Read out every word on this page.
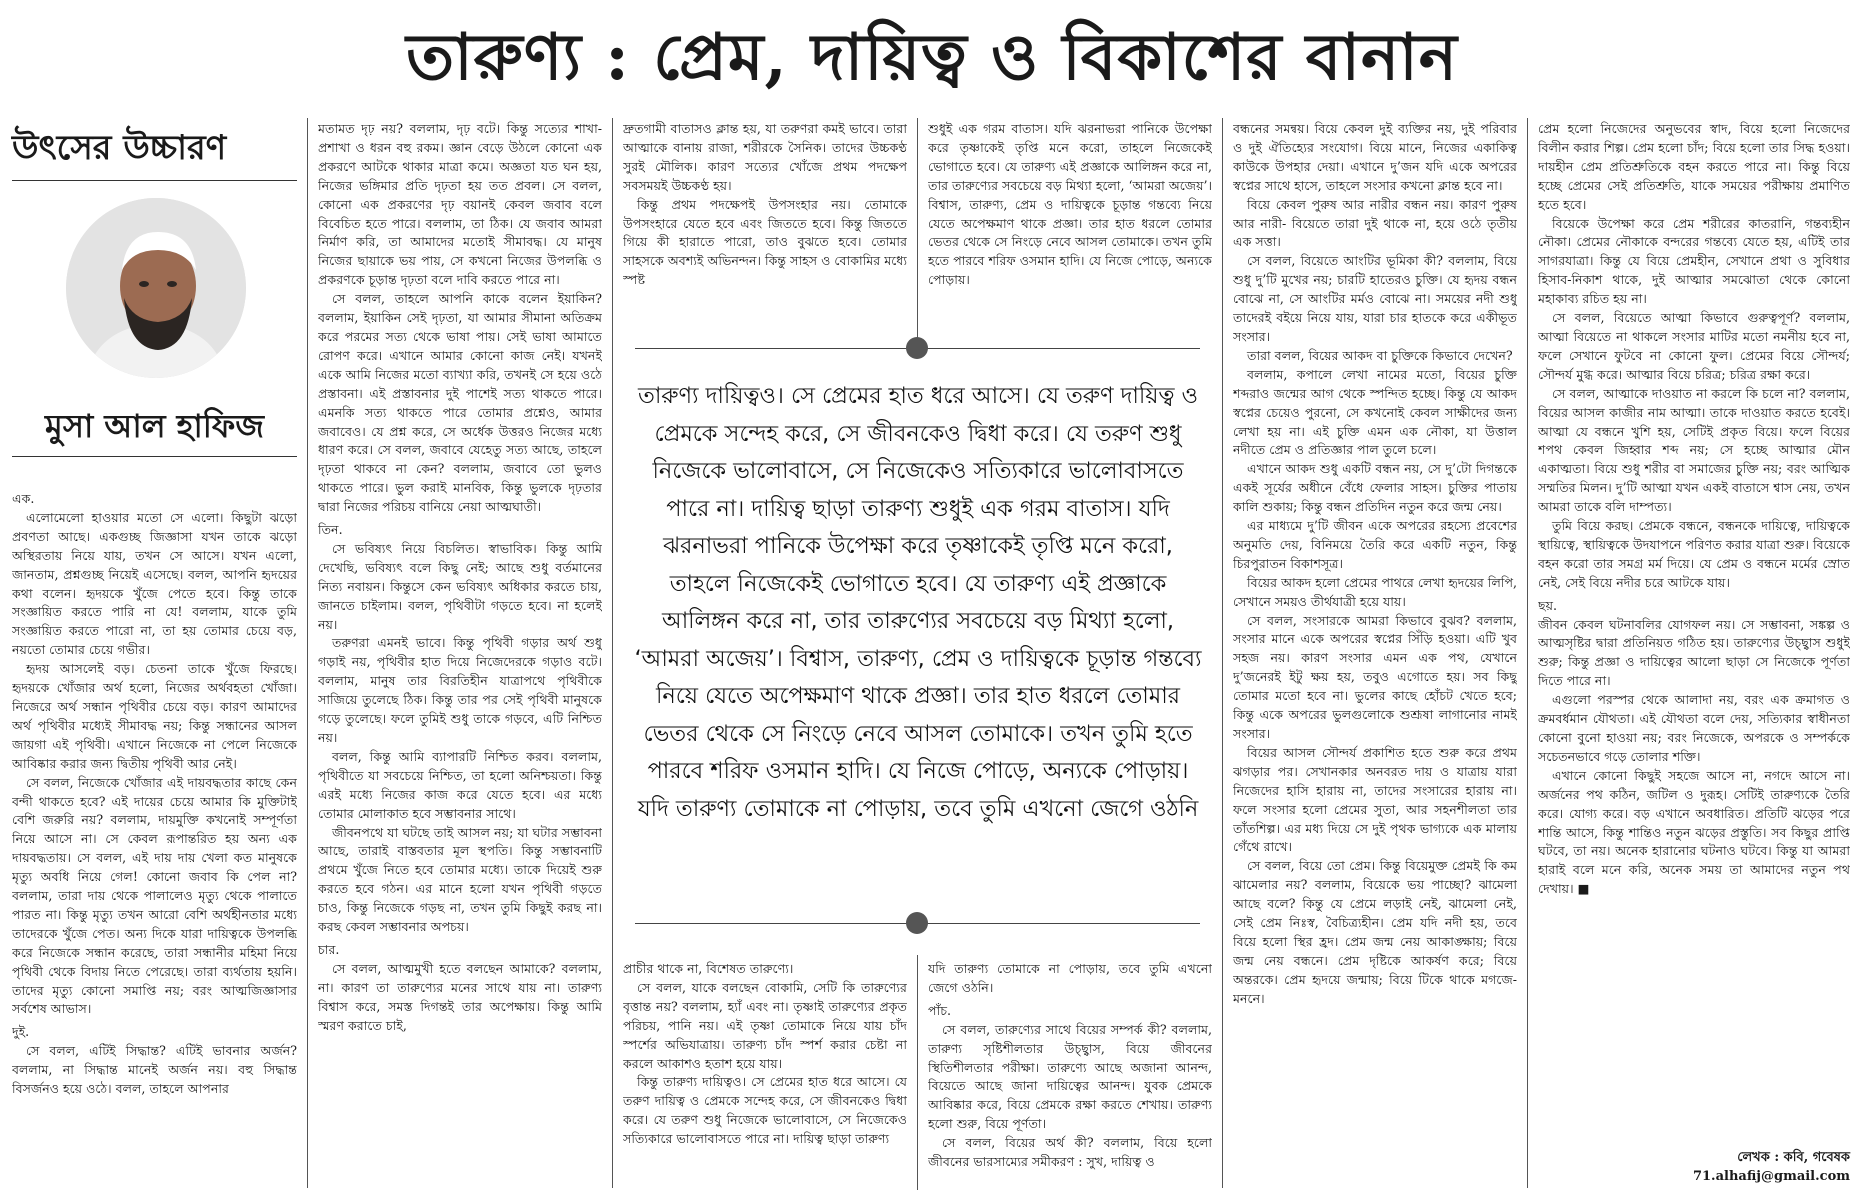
তারুণ্য : প্রেম, দায়িত্ব ও বিকাশের বানান
উৎসের উচ্চারণ
মুসা আল হাফিজ

এক.

এলোমেলো হাওয়ার মতো সে এলো। কিছুটা ঝড়ো প্রবণতা আছে। একগুচ্ছ জিজ্ঞাসা যখন তাকে ঝড়ো অস্থিরতায় নিয়ে যায়, তখন সে আসে। যখন এলো, জানতাম, প্রশ্নগুচ্ছ নিয়েই এসেছে। বলল, আপনি হৃদয়ের কথা বলেন। হৃদয়কে খুঁজে পেতে হবে। কিন্তু তাকে সংজ্ঞায়িত করতে পারি না যে! বললাম, যাকে তুমি সংজ্ঞায়িত করতে পারো না, তা হয় তোমার চেয়ে বড়, নয়তো তোমার চেয়ে গভীর।

হৃদয় আসলেই বড়। চেতনা তাকে খুঁজে ফিরছে। হৃদয়কে খোঁজার অর্থ হলো, নিজের অর্থবহতা খোঁজা। নিজেরে অর্থ সন্ধান পৃথিবীর চেয়ে বড়। কারণ আমাদের অর্থ পৃথিবীর মধ্যেই সীমাবদ্ধ নয়; কিন্তু সন্ধানের আসল জায়গা এই পৃথিবী। এখানে নিজেকে না পেলে নিজেকে আবিষ্কার করার জন্য দ্বিতীয় পৃথিবী আর নেই।

সে বলল, নিজেকে খোঁজার এই দায়বদ্ধতার কাছে কেন বন্দী থাকতে হবে? এই দায়ের চেয়ে আমার কি মুক্তিটাই বেশি জরুরি নয়? বললাম, দায়মুক্তি কখনোই সম্পূর্ণতা নিয়ে আসে না। সে কেবল রূপান্তরিত হয় অন্য এক দায়বদ্ধতায়। সে বলল, এই দায় দায় খেলা কত মানুষকে মৃত্যু অবধি নিয়ে গেল! কোনো জবাব কি পেল না? বললাম, তারা দায় থেকে পালালেও মৃত্যু থেকে পালাতে পারত না। কিন্তু মৃত্যু তখন আরো বেশি অর্থহীনতার মধ্যে তাদেরকে খুঁজে পেত। অন্য দিকে যারা দায়িত্বকে উপলব্ধি করে নিজেকে সন্ধান করেছে, তারা সন্ধানীর মহিমা নিয়ে পৃথিবী থেকে বিদায় নিতে পেরেছে। তারা ব্যর্থতায় হয়নি। তাদের মৃত্যু কোনো সমাপ্তি নয়; বরং আত্মজিজ্ঞাসার সর্বশেষ আভাস।

দুই.

সে বলল, এটিই সিদ্ধান্ত? এটিই ভাবনার অর্জন? বললাম, না সিদ্ধান্ত মানেই অর্জন নয়। বহু সিদ্ধান্ত বিসর্জনও হয়ে ওঠে। বলল, তাহলে আপনার

মতামত দৃঢ় নয়? বললাম, দৃঢ় বটে। কিন্তু সত্যের শাখা-প্রশাখা ও ধরন বহু রকম। জ্ঞান বেড়ে উঠলে কোনো এক প্রকরণে আটকে থাকার মাত্রা কমে। অজ্ঞতা যত ঘন হয়, নিজের ভঙ্গিমার প্রতি দৃঢ়তা হয় তত প্রবল। সে বলল, কোনো এক প্রকরণের দৃঢ় বয়ানই কেবল জবাব বলে বিবেচিত হতে পারে। বললাম, তা ঠিক। যে জবাব আমরা নির্মাণ করি, তা আমাদের মতোই সীমাবদ্ধ। যে মানুষ নিজের ছায়াকে ভয় পায়, সে কখনো নিজের উপলব্ধি ও প্রকরণকে চূড়ান্ত দৃঢ়তা বলে দাবি করতে পারে না।

সে বলল, তাহলে আপনি কাকে বলেন ইয়াকিন? বললাম, ইয়াকিন সেই দৃঢ়তা, যা আমার সীমানা অতিক্রম করে পরমের সত্য থেকে ভাষা পায়। সেই ভাষা আমাতে রোপণ করে। এখানে আমার কোনো কাজ নেই। যখনই একে আমি নিজের মতো ব্যাখ্যা করি, তখনই সে হয়ে ওঠে প্রস্তাবনা। এই প্রস্তাবনার দুই পাশেই সত্য থাকতে পারে। এমনকি সত্য থাকতে পারে তোমার প্রশ্নেও, আমার জবাবেও। যে প্রশ্ন করে, সে অর্ধেক উত্তরও নিজের মধ্যে ধারণ করে। সে বলল, জবাবে যেহেতু সত্য আছে, তাহলে দৃঢ়তা থাকবে না কেন? বললাম, জবাবে তো ভুলও থাকতে পারে। ভুল করাই মানবিক, কিন্তু ভুলকে দৃঢ়তার দ্বারা নিজের পরিচয় বানিয়ে নেয়া আত্মঘাতী।

তিন.

সে ভবিষ্যৎ নিয়ে বিচলিত। স্বাভাবিক। কিন্তু আমি দেখেছি, ভবিষ্যৎ বলে কিছু নেই; আছে শুধু বর্তমানের নিত্য নবায়ন। কিন্তুসে কেন ভবিষ্যৎ অধিকার করতে চায়, জানতে চাইলাম। বলল, পৃথিবীটা গড়তে হবে। না হলেই নয়।

তরুণরা এমনই ভাবে। কিন্তু পৃথিবী গড়ার অর্থ শুধু গড়াই নয়, পৃথিবীর হাত দিয়ে নিজেদেরকে গড়াও বটে। বললাম, মানুষ তার বিরতিহীন যাত্রাপথে পৃথিবীকে সাজিয়ে তুলেছে ঠিক। কিন্তু তার পর সেই পৃথিবী মানুষকে গড়ে তুলেছে। ফলে তুমিই শুধু তাকে গড়বে, এটি নিশ্চিত নয়।

বলল, কিন্তু আমি ব্যাপারটি নিশ্চিত করব। বললাম, পৃথিবীতে যা সবচেয়ে নিশ্চিত, তা হলো অনিশ্চয়তা। কিন্তু এরই মধ্যে নিজের কাজ করে যেতে হবে। এর মধ্যে তোমার মোলাকাত হবে সম্ভাবনার সাথে।

জীবনপথে যা ঘটছে তাই আসল নয়; যা ঘটার সম্ভাবনা আছে, তারাই বাস্তবতার মূল স্থপতি। কিন্তু সম্ভাবনাটি প্রথমে খুঁজে নিতে হবে তোমার মধ্যে। তাকে দিয়েই শুরু করতে হবে গঠন। এর মানে হলো যখন পৃথিবী গড়তে চাও, কিন্তু নিজেকে গড়ছ না, তখন তুমি কিছুই করছ না। করছ কেবল সম্ভাবনার অপচয়।

চার.

সে বলল, আত্মমুখী হতে বলছেন আমাকে? বললাম, না। কারণ তা তারুণ্যের মনের সাথে যায় না। তারুণ্য বিশ্বাস করে, সমস্ত দিগন্তই তার অপেক্ষায়। কিন্তু আমি স্মরণ করাতে চাই,

দ্রুতগামী বাতাসও ক্লান্ত হয়, যা তরুণরা কমই ভাবে। তারা আত্মাকে বানায় রাজা, শরীরকে সৈনিক। তাদের উচ্চকণ্ঠ সুরই মৌলিক। কারণ সত্যের খোঁজে প্রথম পদক্ষেপ সবসময়ই উচ্চকণ্ঠ হয়।

কিন্তু প্রথম পদক্ষেপই উপসংহার নয়। তোমাকে উপসংহারে যেতে হবে এবং জিততে হবে। কিন্তু জিততে গিয়ে কী হারাতে পারো, তাও বুঝতে হবে। তোমার সাহসকে অবশ্যই অভিনন্দন। কিন্তু সাহস ও বোকামির মধ্যে স্পষ্ট

শুধুই এক গরম বাতাস। যদি ঝরনাভরা পানিকে উপেক্ষা করে তৃষ্ণাকেই তৃপ্তি মনে করো, তাহলে নিজেকেই ভোগাতে হবে। যে তারুণ্য এই প্রজ্ঞাকে আলিঙ্গন করে না, তার তারুণ্যের সবচেয়ে বড় মিথ্যা হলো, ‘আমরা অজেয়’। বিশ্বাস, তারুণ্য, প্রেম ও দায়িত্বকে চূড়ান্ত গন্তব্যে নিয়ে যেতে অপেক্ষমাণ থাকে প্রজ্ঞা। তার হাত ধরলে তোমার ভেতর থেকে সে নিংড়ে নেবে আসল তোমাকে। তখন তুমি হতে পারবে শরিফ ওসমান হাদি। যে নিজে পোড়ে, অন্যকে পোড়ায়।

তারুণ্য দায়িত্বও। সে প্রেমের হাত ধরে আসে। যে তরুণ দায়িত্ব ও প্রেমকে সন্দেহ করে, সে জীবনকেও দ্বিধা করে। যে তরুণ শুধু নিজেকে ভালোবাসে, সে নিজেকেও সত্যিকারে ভালোবাসতে পারে না। দায়িত্ব ছাড়া তারুণ্য শুধুই এক গরম বাতাস। যদি ঝরনাভরা পানিকে উপেক্ষা করে তৃষ্ণাকেই তৃপ্তি মনে করো, তাহলে নিজেকেই ভোগাতে হবে। যে তারুণ্য এই প্রজ্ঞাকে আলিঙ্গন করে না, তার তারুণ্যের সবচেয়ে বড় মিথ্যা হলো, ‘আমরা অজেয়’। বিশ্বাস, তারুণ্য, প্রেম ও দায়িত্বকে চূড়ান্ত গন্তব্যে নিয়ে যেতে অপেক্ষমাণ থাকে প্রজ্ঞা। তার হাত ধরলে তোমার ভেতর থেকে সে নিংড়ে নেবে আসল তোমাকে। তখন তুমি হতে পারবে শরিফ ওসমান হাদি। যে নিজে পোড়ে, অন্যকে পোড়ায়। যদি তারুণ্য তোমাকে না পোড়ায়, তবে তুমি এখনো জেগে ওঠনি

প্রাচীর থাকে না, বিশেষত তারুণ্যে।

সে বলল, যাকে বলছেন বোকামি, সেটি কি তারুণ্যের বৃত্তান্ত নয়? বললাম, হ্যাঁ এবং না। তৃষ্ণাই তারুণ্যের প্রকৃত পরিচয়, পানি নয়। এই তৃষ্ণা তোমাকে নিয়ে যায় চাঁদ স্পর্শের অভিযাত্রায়। তারুণ্য চাঁদ স্পর্শ করার চেষ্টা না করলে আকাশও হতাশ হয়ে যায়।

কিন্তু তারুণ্য দায়িত্বও। সে প্রেমের হাত ধরে আসে। যে তরুণ দায়িত্ব ও প্রেমকে সন্দেহ করে, সে জীবনকেও দ্বিধা করে। যে তরুণ শুধু নিজেকে ভালোবাসে, সে নিজেকেও সত্যিকারে ভালোবাসতে পারে না। দায়িত্ব ছাড়া তারুণ্য

যদি তারুণ্য তোমাকে না পোড়ায়, তবে তুমি এখনো জেগে ওঠনি।

পাঁচ.

সে বলল, তারুণ্যের সাথে বিয়ের সম্পর্ক কী? বললাম, তারুণ্য সৃষ্টিশীলতার উচ্ছ্বাস, বিয়ে জীবনের স্থিতিশীলতার পরীক্ষা। তারুণ্যে আছে অজানা আনন্দ, বিয়েতে আছে জানা দায়িত্বের আনন্দ। যুবক প্রেমকে আবিষ্কার করে, বিয়ে প্রেমকে রক্ষা করতে শেখায়। তারুণ্য হলো শুরু, বিয়ে পূর্ণতা।

সে বলল, বিয়ের অর্থ কী? বললাম, বিয়ে হলো জীবনের ভারসাম্যের সমীকরণ : সুখ, দায়িত্ব ও

বন্ধনের সমন্বয়। বিয়ে কেবল দুই ব্যক্তির নয়, দুই পরিবার ও দুই ঐতিহ্যের সংযোগ। বিয়ে মানে, নিজের একাকিত্ব কাউকে উপহার দেয়া। এখানে দু’জন যদি একে অপরের স্বপ্নের সাথে হাসে, তাহলে সংসার কখনো ক্লান্ত হবে না।

বিয়ে কেবল পুরুষ আর নারীর বন্ধন নয়। কারণ পুরুষ আর নারী- বিয়েতে তারা দুই থাকে না, হয়ে ওঠে তৃতীয় এক সত্তা।

সে বলল, বিয়েতে আংটির ভূমিকা কী? বললাম, বিয়ে শুধু দু’টি মুখের নয়; চারটি হাতেরও চুক্তি। যে হৃদয় বন্ধন বোঝে না, সে আংটির মর্মও বোঝে না। সময়ের নদী শুধু তাদেরই বইয়ে নিয়ে যায়, যারা চার হাতকে করে একীভূত সংসার।

তারা বলল, বিয়ের আকদ বা চুক্তিকে কিভাবে দেখেন?

বললাম, কপালে লেখা নামের মতো, বিয়ের চুক্তি শব্দরাও জন্মের আগ থেকে স্পন্দিত হচ্ছে। কিন্তু যে আকদ স্বপ্নের চেয়েও পুরনো, সে কখনোই কেবল সাক্ষীদের জন্য লেখা হয় না। এই চুক্তি এমন এক নৌকা, যা উত্তাল নদীতে প্রেম ও প্রতিজ্ঞার পাল তুলে চলে।

এখানে আকদ শুধু একটি বন্ধন নয়, সে দু’টো দিগন্তকে একই সূর্যের অধীনে বেঁধে ফেলার সাহস। চুক্তির পাতায় কালি শুকায়; কিন্তু বন্ধন প্রতিদিন নতুন করে জন্ম নেয়।

এর মাধ্যমে দু’টি জীবন একে অপরের রহস্যে প্রবেশের অনুমতি দেয়, বিনিময়ে তৈরি করে একটি নতুন, কিন্তু চিরপুরাতন বিকাশসূত্র।

বিয়ের আকদ হলো প্রেমের পাথরে লেখা হৃদয়ের লিপি, সেখানে সময়ও তীর্থযাত্রী হয়ে যায়।

সে বলল, সংসারকে আমরা কিভাবে বুঝব? বললাম, সংসার মানে একে অপরের স্বপ্নের সিঁড়ি হওয়া। এটি খুব সহজ নয়। কারণ সংসার এমন এক পথ, যেখানে দু’জনেরই ইটু ক্ষয় হয়, তবুও এগোতে হয়। সব কিছু তোমার মতো হবে না। ভুলের কাছে হোঁচট খেতে হবে; কিন্তু একে অপরের ভুলগুলোকে শুশ্রূষা লাগানোর নামই সংসার।

বিয়ের আসল সৌন্দর্য প্রকাশিত হতে শুরু করে প্রথম ঝগড়ার পর। সেখানকার অনবরত দায় ও যাত্রায় যারা নিজেদের হাসি হারায় না, তাদের সংসারের হারায় না। ফলে সংসার হলো প্রেমের সুতা, আর সহনশীলতা তার তাঁতশিল্প। এর মধ্য দিয়ে সে দুই পৃথক ভাগ্যকে এক মালায় গেঁথে রাখে।

সে বলল, বিয়ে তো প্রেম। কিন্তু বিয়েমুক্ত প্রেমই কি কম ঝামেলার নয়? বললাম, বিয়েকে ভয় পাচ্ছো? ঝামেলা আছে বলে? কিন্তু যে প্রেমে লড়াই নেই, ঝামেলা নেই, সেই প্রেম নিঃস্ব, বৈচিত্র্যহীন। প্রেম যদি নদী হয়, তবে বিয়ে হলো স্থির হ্রদ। প্রেম জন্ম নেয় আকাঙ্ক্ষায়; বিয়ে জন্ম নেয় বন্ধনে। প্রেম দৃষ্টিকে আকর্ষণ করে; বিয়ে অন্তরকে। প্রেম হৃদয়ে জন্মায়; বিয়ে টিকে থাকে মগজে-মননে।

প্রেম হলো নিজেদের অনুভবের স্বাদ, বিয়ে হলো নিজেদের বিলীন করার শিল্প। প্রেম হলো চাঁদ; বিয়ে হলো তার সিদ্ধ হওয়া। দায়হীন প্রেম প্রতিশ্রুতিকে বহন করতে পারে না। কিন্তু বিয়ে হচ্ছে প্রেমের সেই প্রতিশ্রুতি, যাকে সময়ের পরীক্ষায় প্রমাণিত হতে হবে।

বিয়েকে উপেক্ষা করে প্রেম শরীরের কাতরানি, গন্তব্যহীন নৌকা। প্রেমের নৌকাকে বন্দরের গন্তব্যে যেতে হয়, এটিই তার সাগরযাত্রা। কিন্তু যে বিয়ে প্রেমহীন, সেখানে প্রথা ও সুবিধার হিসাব-নিকাশ থাকে, দুই আত্মার সমঝোতা থেকে কোনো মহাকাব্য রচিত হয় না।

সে বলল, বিয়েতে আত্মা কিভাবে গুরুত্বপূর্ণ? বললাম, আত্মা বিয়েতে না থাকলে সংসার মাটির মতো নমনীয় হবে না, ফলে সেখানে ফুটবে না কোনো ফুল। প্রেমের বিয়ে সৌন্দর্য; সৌন্দর্য মুগ্ধ করে। আত্মার বিয়ে চরিত্র; চরিত্র রক্ষা করে।

সে বলল, আত্মাকে দাওয়াত না করলে কি চলে না? বললাম, বিয়ের আসল কাজীর নাম আত্মা। তাকে দাওয়াত করতে হবেই। আত্মা যে বন্ধনে খুশি হয়, সেটিই প্রকৃত বিয়ে। ফলে বিয়ের শপথ কেবল জিহ্বার শব্দ নয়; সে হচ্ছে আত্মার মৌন একাত্মতা। বিয়ে শুধু শরীর বা সমাজের চুক্তি নয়; বরং আত্মিক সম্মতির মিলন। দু’টি আত্মা যখন একই বাতাসে শ্বাস নেয়, তখন আমরা তাকে বলি দাম্পত্য।

তুমি বিয়ে করছ। প্রেমকে বন্ধনে, বন্ধনকে দায়িত্বে, দায়িত্বকে স্থায়িত্বে, স্থায়িত্বকে উদযাপনে পরিণত করার যাত্রা শুরু। বিয়েকে বহন করো তার সমগ্র মর্ম দিয়ে। যে প্রেম ও বন্ধনে মর্মের স্রোত নেই, সেই বিয়ে নদীর চরে আটকে যায়।

ছয়.

জীবন কেবল ঘটনাবলির যোগফল নয়। সে সম্ভাবনা, সঙ্কল্প ও আত্মসৃষ্টির দ্বারা প্রতিনিয়ত গঠিত হয়। তারুণ্যের উচ্ছ্বাস শুধুই শুরু; কিন্তু প্রজ্ঞা ও দায়িত্বের আলো ছাড়া সে নিজেকে পূর্ণতা দিতে পারে না।

এগুলো পরস্পর থেকে আলাদা নয়, বরং এক ক্রমাগত ও ক্রমবর্ধমান যৌথতা। এই যৌথতা বলে দেয়, সত্যিকার স্বাধীনতা কোনো বুনো হাওয়া নয়; বরং নিজেকে, অপরকে ও সম্পর্ককে সচেতনভাবে গড়ে তোলার শক্তি।

এখানে কোনো কিছুই সহজে আসে না, নগদে আসে না। অর্জনের পথ কঠিন, জটিল ও দুরূহ। সেটিই তারুণ্যকে তৈরি করে। যোগ্য করে। বড় এখানে অবধারিত। প্রতিটি ঝড়ের পরে শান্তি আসে, কিন্তু শান্তিও নতুন ঝড়ের প্রস্তুতি। সব কিছুর প্রাপ্তি ঘটবে, তা নয়। অনেক হারানোর ঘটনাও ঘটবে। কিন্তু যা আমরা হারাই বলে মনে করি, অনেক সময় তা আমাদের নতুন পথ দেখায়। ■

লেখক : কবি, গবেষক
71.alhafij@gmail.com
